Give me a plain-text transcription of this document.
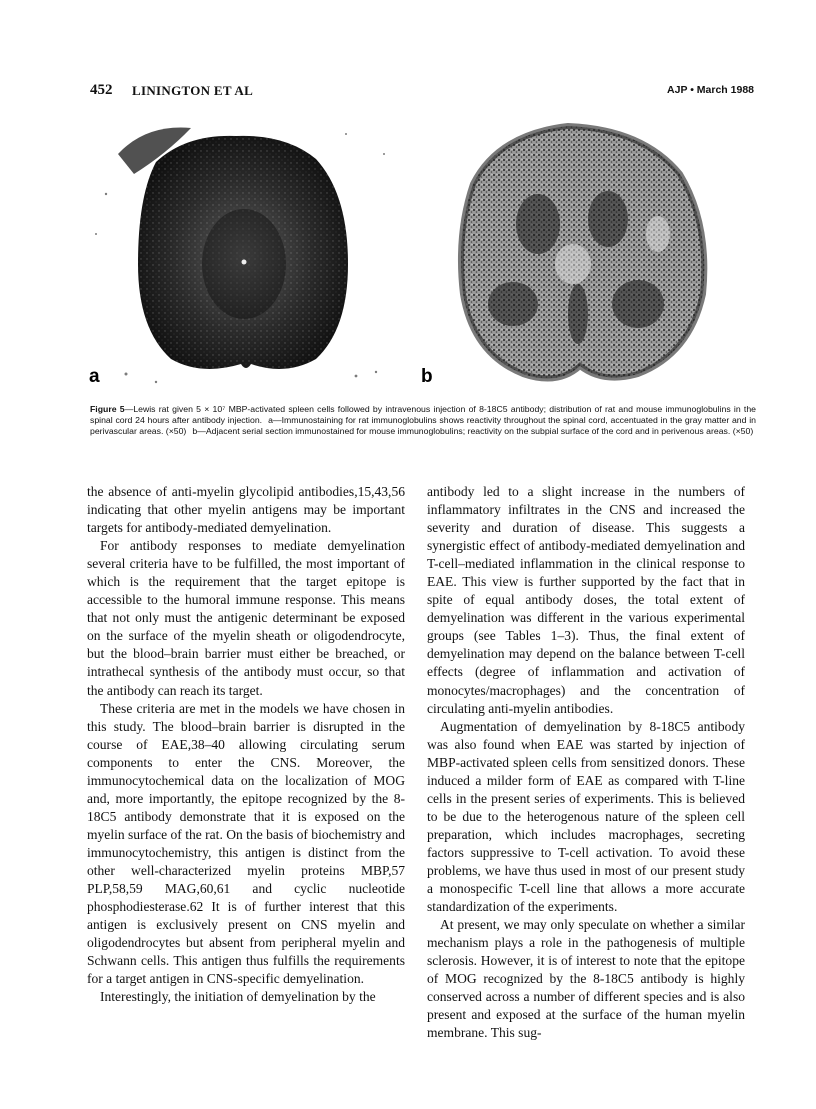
452 LININGTON ET AL	AJP • March 1988
a	b
Figure 5—Lewis rat given 5 × 10⁷ MBP-activated spleen cells followed by intravenous injection of 8-18C5 antibody; distribution of rat and mouse immunoglobulins in the spinal cord 24 hours after antibody injection. a—Immunostaining for rat immunoglobulins shows reactivity throughout the spinal cord, accentuated in the gray matter and in perivascular areas. (×50) b—Adjacent serial section immunostained for mouse immunoglobulins; reactivity on the subpial surface of the cord and in perivenous areas. (×50)

the absence of anti-myelin glycolipid antibodies,15,43,56 indicating that other myelin antigens may be important targets for antibody-mediated demyelination.

For antibody responses to mediate demyelination several criteria have to be fulfilled, the most important of which is the requirement that the target epitope is accessible to the humoral immune response. This means that not only must the antigenic determinant be exposed on the surface of the myelin sheath or oligodendrocyte, but the blood–brain barrier must either be breached, or intrathecal synthesis of the antibody must occur, so that the antibody can reach its target.

These criteria are met in the models we have chosen in this study. The blood–brain barrier is disrupted in the course of EAE,38–40 allowing circulating serum components to enter the CNS. Moreover, the immunocytochemical data on the localization of MOG and, more importantly, the epitope recognized by the 8-18C5 antibody demonstrate that it is exposed on the myelin surface of the rat. On the basis of biochemistry and immunocytochemistry, this antigen is distinct from the other well-characterized myelin proteins MBP,57 PLP,58,59 MAG,60,61 and cyclic nucleotide phosphodiesterase.62 It is of further interest that this antigen is exclusively present on CNS myelin and oligodendrocytes but absent from peripheral myelin and Schwann cells. This antigen thus fulfills the requirements for a target antigen in CNS-specific demyelination.

Interestingly, the initiation of demyelination by the

antibody led to a slight increase in the numbers of inflammatory infiltrates in the CNS and increased the severity and duration of disease. This suggests a synergistic effect of antibody-mediated demyelination and T-cell–mediated inflammation in the clinical response to EAE. This view is further supported by the fact that in spite of equal antibody doses, the total extent of demyelination was different in the various experimental groups (see Tables 1–3). Thus, the final extent of demyelination may depend on the balance between T-cell effects (degree of inflammation and activation of monocytes/macrophages) and the concentration of circulating anti-myelin antibodies.

Augmentation of demyelination by 8-18C5 antibody was also found when EAE was started by injection of MBP-activated spleen cells from sensitized donors. These induced a milder form of EAE as compared with T-line cells in the present series of experiments. This is believed to be due to the heterogenous nature of the spleen cell preparation, which includes macrophages, secreting factors suppressive to T-cell activation. To avoid these problems, we have thus used in most of our present study a monospecific T-cell line that allows a more accurate standardization of the experiments.

At present, we may only speculate on whether a similar mechanism plays a role in the pathogenesis of multiple sclerosis. However, it is of interest to note that the epitope of MOG recognized by the 8-18C5 antibody is highly conserved across a number of different species and is also present and exposed at the surface of the human myelin membrane. This sug-
